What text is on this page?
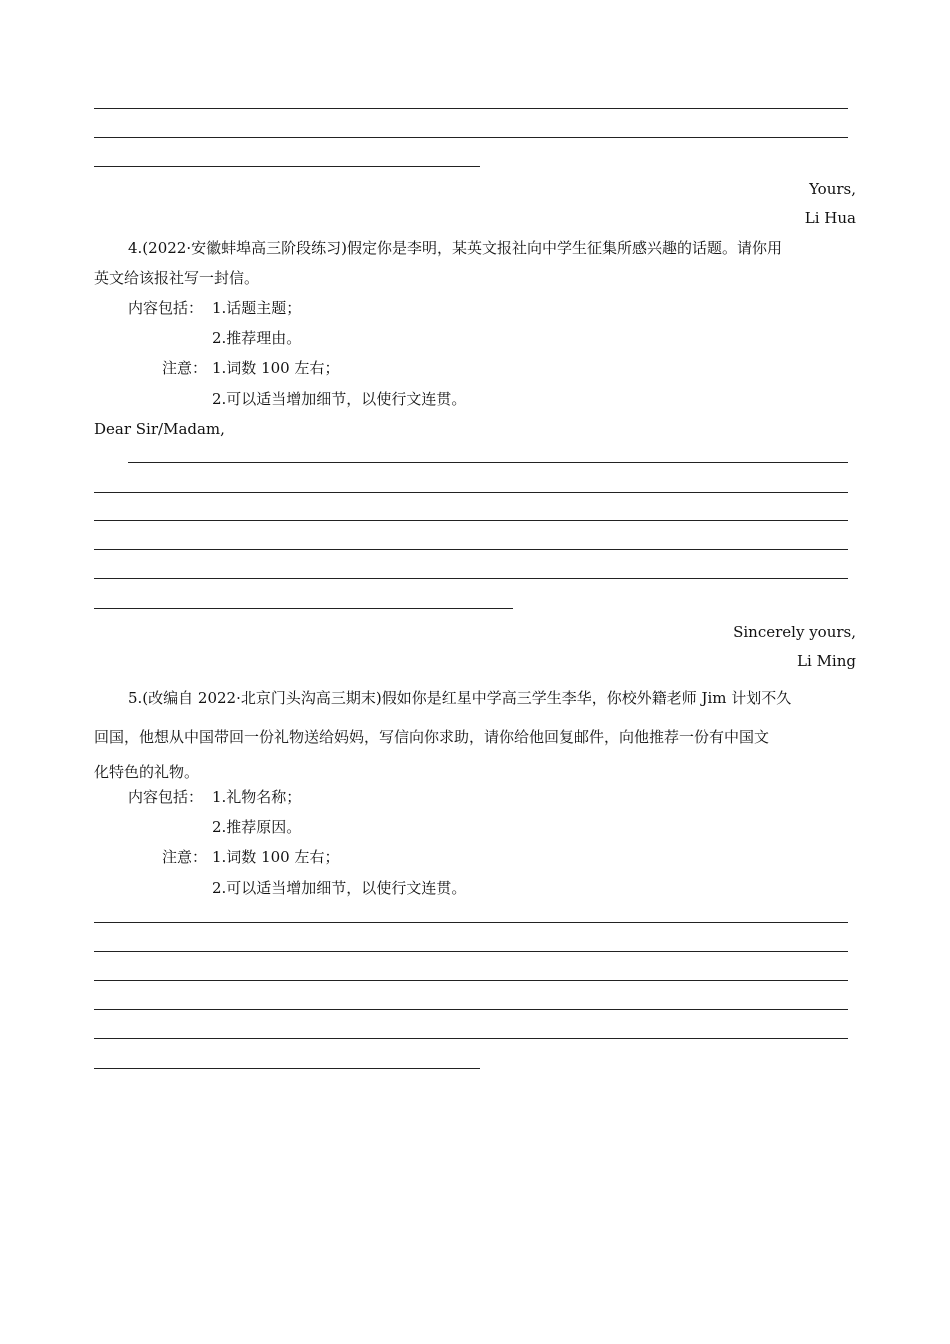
Yours,
Li Hua
4.(2022·安徽蚌埠高三阶段练习)假定你是李明，某英文报社向中学生征集所感兴趣的话题。请你用
英文给该报社写一封信。
内容包括： 1.话题主题；
2.推荐理由。
注意： 1.词数 100 左右；
2.可以适当增加细节，以使行文连贯。
Dear Sir/Madam,
Sincerely yours,
Li Ming
5.(改编自 2022·北京门头沟高三期末)假如你是红星中学高三学生李华，你校外籍老师 Jim 计划不久
回国，他想从中国带回一份礼物送给妈妈，写信向你求助，请你给他回复邮件，向他推荐一份有中国文
化特色的礼物。
内容包括： 1.礼物名称；
2.推荐原因。
注意： 1.词数 100 左右；
2.可以适当增加细节，以使行文连贯。
